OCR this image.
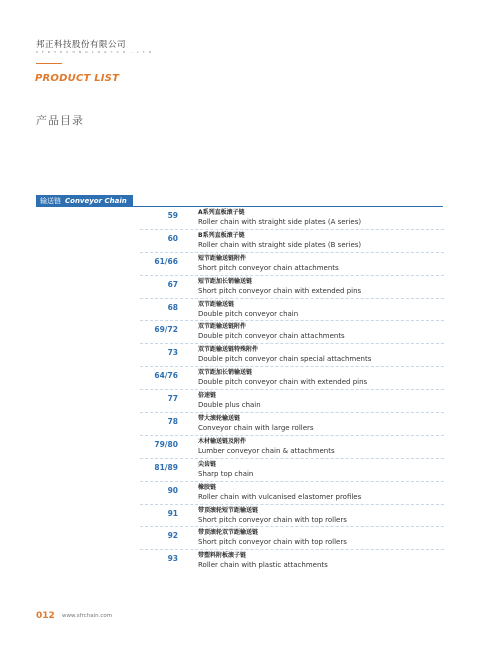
邦正科技股份有限公司
S F R T E C H N O L O G Y C O ., L T D
PRODUCT LIST
产品目录
输送链 Conveyor Chain
59	A系列直板滚子链
Roller chain with straight side plates (A series)
60	B系列直板滚子链
Roller chain with straight side plates (B series)
61/66	短节距输送链附件
Short pitch conveyor chain attachments
67	短节距加长销输送链
Short pitch conveyor chain with extended pins
68	双节距输送链
Double pitch conveyor chain
69/72	双节距输送链附件
Double pitch conveyor chain attachments
73	双节距输送链特殊附件
Double pitch conveyor chain special attachments
64/76	双节距加长销输送链
Double pitch conveyor chain with extended pins
77	倍速链
Double plus chain
78	带大滚轮输送链
Conveyor chain with large rollers
79/80	木材输送链及附件
Lumber conveyor chain & attachments
81/89	尖齿链
Sharp top chain
90	橡胶链
Roller chain with vulcanised elastomer profiles
91	带顶滚轮短节距输送链
Short pitch conveyor chain with top rollers
92	带顶滚轮双节距输送链
Short pitch conveyor chain with top rollers
93	带塑料附板滚子链
Roller chain with plastic attachments
012 www.sfrchain.com
